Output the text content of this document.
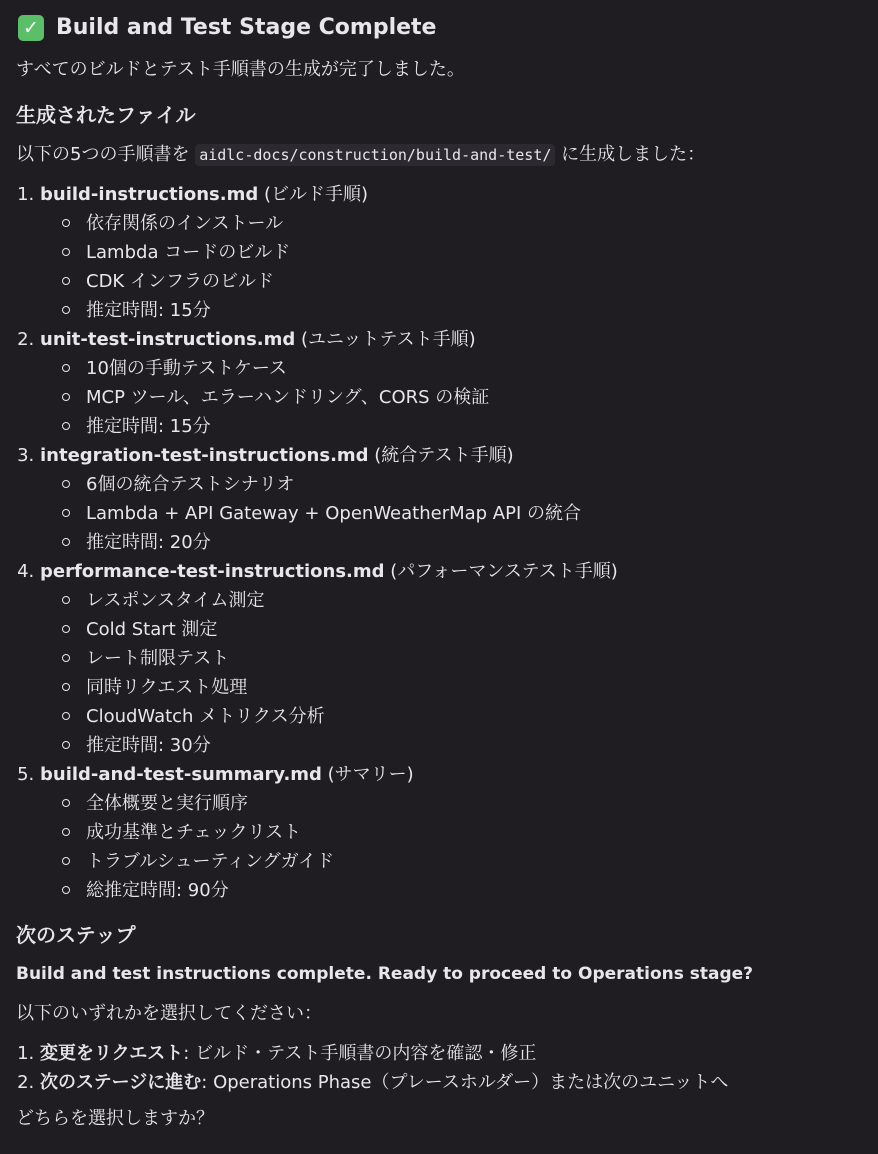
✓ Build and Test Stage Complete

すべてのビルドとテスト手順書の生成が完了しました。

生成されたファイル

以下の5つの手順書を aidlc-docs/construction/build-and-test/ に生成しました：

1. build-instructions.md (ビルド手順)
依存関係のインストール
Lambda コードのビルド
CDK インフラのビルド
推定時間: 15分
2. unit-test-instructions.md (ユニットテスト手順)
10個の手動テストケース
MCP ツール、エラーハンドリング、CORS の検証
推定時間: 15分
3. integration-test-instructions.md (統合テスト手順)
6個の統合テストシナリオ
Lambda + API Gateway + OpenWeatherMap API の統合
推定時間: 20分
4. performance-test-instructions.md (パフォーマンステスト手順)
レスポンスタイム測定
Cold Start 測定
レート制限テスト
同時リクエスト処理
CloudWatch メトリクス分析
推定時間: 30分
5. build-and-test-summary.md (サマリー)
全体概要と実行順序
成功基準とチェックリスト
トラブルシューティングガイド
総推定時間: 90分
次のステップ

Build and test instructions complete. Ready to proceed to Operations stage?

以下のいずれかを選択してください：

1. 変更をリクエスト: ビルド・テスト手順書の内容を確認・修正
2. 次のステージに進む: Operations Phase（プレースホルダー）または次のユニットへ

どちらを選択しますか？
